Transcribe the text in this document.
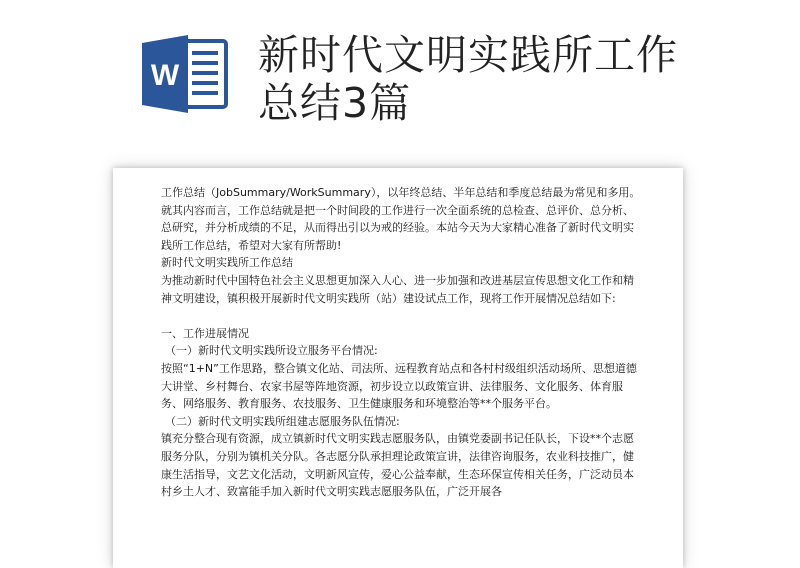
W 新时代文明实践所工作总结3篇

工作总结（JobSummary/WorkSummary），以年终总结、半年总结和季度总结最为常见和多用。就其内容而言，工作总结就是把一个时间段的工作进行一次全面系统的总检查、总评价、总分析、总研究，并分析成绩的不足，从而得出引以为戒的经验。本站今天为大家精心准备了新时代文明实践所工作总结，希望对大家有所帮助!

新时代文明实践所工作总结

为推动新时代中国特色社会主义思想更加深入人心、进一步加强和改进基层宣传思想文化工作和精神文明建设，镇积极开展新时代文明实践所（站）建设试点工作，现将工作开展情况总结如下:

一、工作进展情况

（一）新时代文明实践所设立服务平台情况:

按照“1+N”工作思路，整合镇文化站、司法所、远程教育站点和各村村级组织活动场所、思想道德大讲堂、乡村舞台、农家书屋等阵地资源，初步设立以政策宣讲、法律服务、文化服务、体育服务、网络服务、教育服务、农技服务、卫生健康服务和环境整治等**个服务平台。

（二）新时代文明实践所组建志愿服务队伍情况:

镇充分整合现有资源，成立镇新时代文明实践志愿服务队，由镇党委副书记任队长，下设**个志愿服务分队，分别为镇机关分队。各志愿分队承担理论政策宣讲，法律咨询服务，农业科技推广，健康生活指导，文艺文化活动，文明新风宣传，爱心公益奉献，生态环保宣传相关任务，广泛动员本村乡土人才、致富能手加入新时代文明实践志愿服务队伍，广泛开展各
